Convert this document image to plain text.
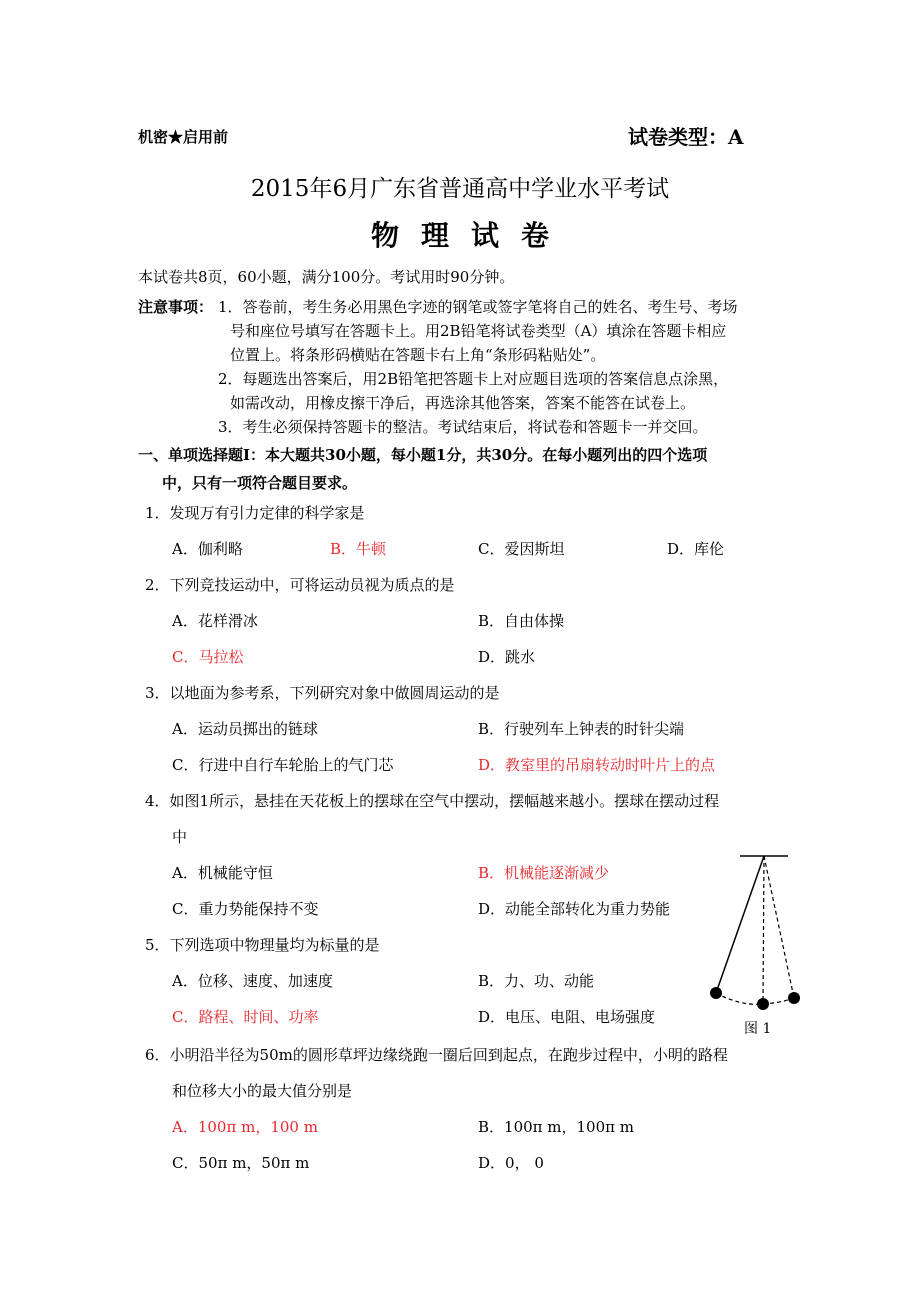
机密★启用前	试卷类型：A
2015年6月广东省普通高中学业水平考试
物理试卷
本试卷共8页，60小题，满分100分。考试用时90分钟。
注意事项： 1．答卷前，考生务必用黑色字迹的钢笔或签字笔将自己的姓名、考生号、考场
号和座位号填写在答题卡上。用2B铅笔将试卷类型（A）填涂在答题卡相应
位置上。将条形码横贴在答题卡右上角“条形码粘贴处”。
2．每题选出答案后，用2B铅笔把答题卡上对应题目选项的答案信息点涂黑，
如需改动，用橡皮擦干净后，再选涂其他答案，答案不能答在试卷上。
3．考生必须保持答题卡的整洁。考试结束后，将试卷和答题卡一并交回。
一、单项选择题Ⅰ：本大题共30小题，每小题1分，共30分。在每小题列出的四个选项
中，只有一项符合题目要求。
1．发现万有引力定律的科学家是
A．伽利略	B．牛顿	C．爱因斯坦	D．库伦
2．下列竞技运动中，可将运动员视为质点的是
A．花样滑冰	B．自由体操
C．马拉松	D．跳水
3．以地面为参考系，下列研究对象中做圆周运动的是
A．运动员掷出的链球	B．行驶列车上钟表的时针尖端
C．行进中自行车轮胎上的气门芯	D．教室里的吊扇转动时叶片上的点
4．如图1所示，悬挂在天花板上的摆球在空气中摆动，摆幅越来越小。摆球在摆动过程
中
A．机械能守恒	B．机械能逐渐减少
C．重力势能保持不变	D．动能全部转化为重力势能
5．下列选项中物理量均为标量的是
A．位移、速度、加速度	B．力、功、动能
C．路程、时间、功率	D．电压、电阻、电场强度
图 1
6．小明沿半径为50m的圆形草坪边缘绕跑一圈后回到起点，在跑步过程中，小明的路程
和位移大小的最大值分别是
A．100π m，100 m	B．100π m，100π m
C．50π m，50π m	D．0， 0
